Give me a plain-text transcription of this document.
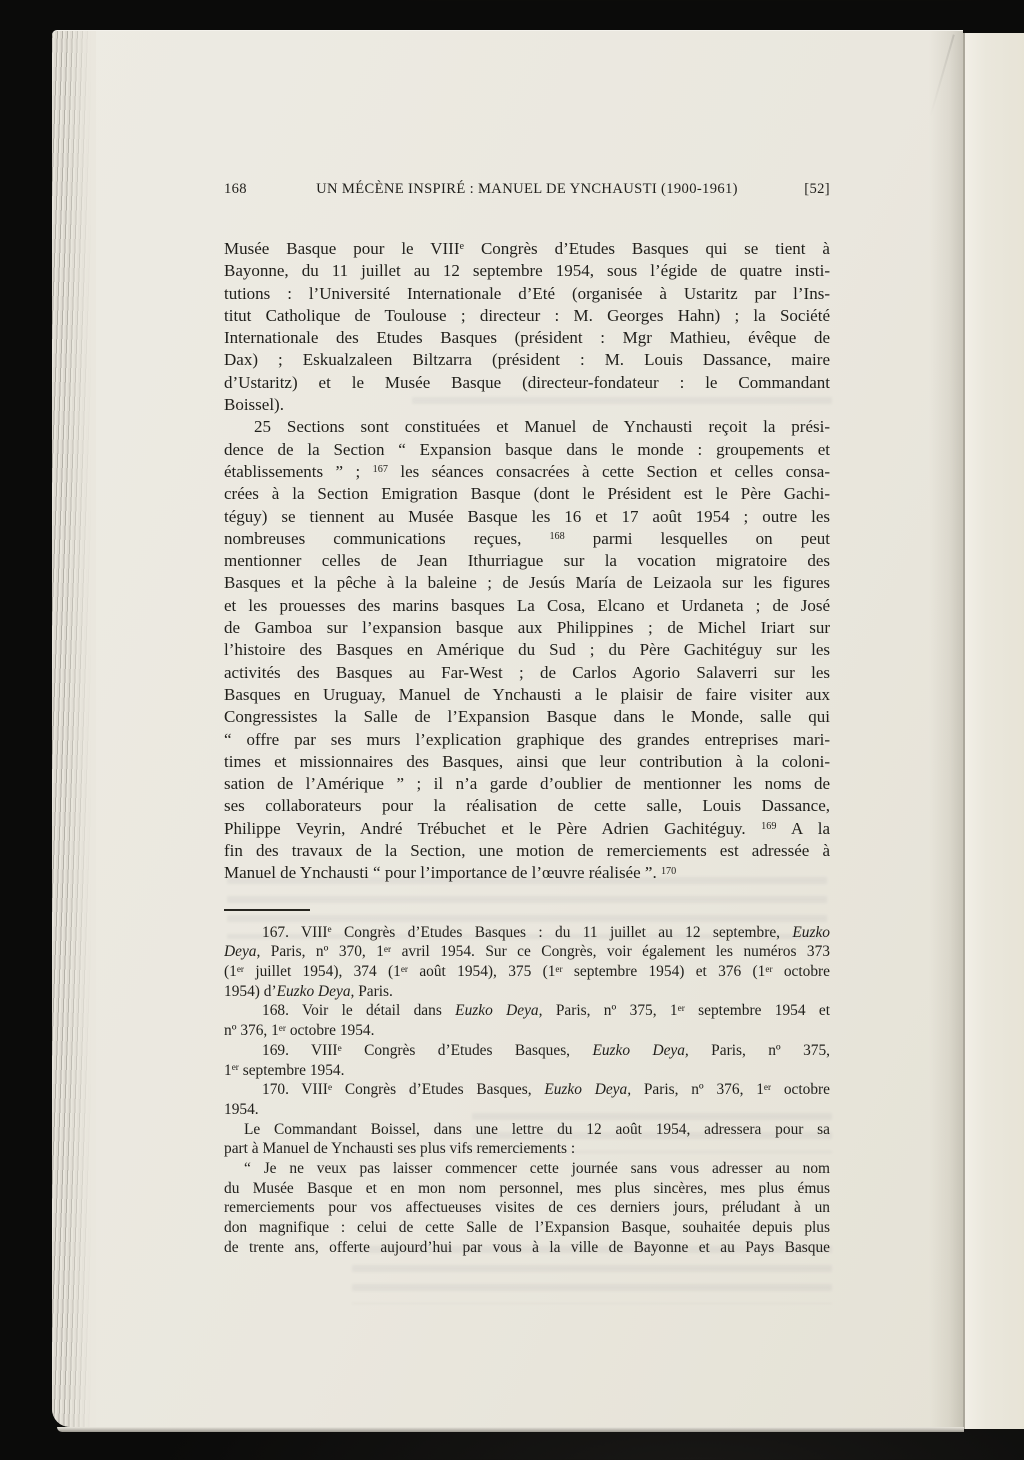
168	UN MÉCÈNE INSPIRÉ : MANUEL DE YNCHAUSTI (1900-1961)	[52]
Musée Basque pour le VIIIe Congrès d’Etudes Basques qui se tient à
Bayonne, du 11 juillet au 12 septembre 1954, sous l’égide de quatre insti-
tutions : l’Université Internationale d’Eté (organisée à Ustaritz par l’Ins-
titut Catholique de Toulouse ; directeur : M. Georges Hahn) ; la Société
Internationale des Etudes Basques (président : Mgr Mathieu, évêque de
Dax) ; Eskualzaleen Biltzarra (président : M. Louis Dassance, maire
d’Ustaritz) et le Musée Basque (directeur-fondateur : le Commandant
Boissel).
25 Sections sont constituées et Manuel de Ynchausti reçoit la prési-
dence de la Section “ Expansion basque dans le monde : groupements et
établissements ” ; $^{167}$ les séances consacrées à cette Section et celles consa-
crées à la Section Emigration Basque (dont le Président est le Père Gachi-
téguy) se tiennent au Musée Basque les 16 et 17 août 1954 ; outre les
nombreuses communications reçues, $^{168}$ parmi lesquelles on peut
mentionner celles de Jean Ithurriague sur la vocation migratoire des
Basques et la pêche à la baleine ; de Jesús María de Leizaola sur les figures
et les prouesses des marins basques La Cosa, Elcano et Urdaneta ; de José
de Gamboa sur l’expansion basque aux Philippines ; de Michel Iriart sur
l’histoire des Basques en Amérique du Sud ; du Père Gachitéguy sur les
activités des Basques au Far-West ; de Carlos Agorio Salaverri sur les
Basques en Uruguay, Manuel de Ynchausti a le plaisir de faire visiter aux
Congressistes la Salle de l’Expansion Basque dans le Monde, salle qui
“ offre par ses murs l’explication graphique des grandes entreprises mari-
times et missionnaires des Basques, ainsi que leur contribution à la coloni-
sation de l’Amérique ” ; il n’a garde d’oublier de mentionner les noms de
ses collaborateurs pour la réalisation de cette salle, Louis Dassance,
Philippe Veyrin, André Trébuchet et le Père Adrien Gachitéguy. $^{169}$ A la
fin des travaux de la Section, une motion de remerciements est adressée à
Manuel de Ynchausti “ pour l’importance de l’œuvre réalisée ”. $^{170}$
167. VIIIe Congrès d’Etudes Basques : du 11 juillet au 12 septembre, Euzko
Deya, Paris, nº 370, 1er avril 1954. Sur ce Congrès, voir également les numéros 373
(1er juillet 1954), 374 (1er août 1954), 375 (1er septembre 1954) et 376 (1er octobre
1954) d’Euzko Deya, Paris.
168. Voir le détail dans Euzko Deya, Paris, nº 375, 1er septembre 1954 et
nº 376, 1er octobre 1954.
169. VIIIe Congrès d’Etudes Basques, Euzko Deya, Paris, nº 375,
1er septembre 1954.
170. VIIIe Congrès d’Etudes Basques, Euzko Deya, Paris, nº 376, 1er octobre
1954.
Le Commandant Boissel, dans une lettre du 12 août 1954, adressera pour sa
part à Manuel de Ynchausti ses plus vifs remerciements :
“ Je ne veux pas laisser commencer cette journée sans vous adresser au nom
du Musée Basque et en mon nom personnel, mes plus sincères, mes plus émus
remerciements pour vos affectueuses visites de ces derniers jours, préludant à un
don magnifique : celui de cette Salle de l’Expansion Basque, souhaitée depuis plus
de trente ans, offerte aujourd’hui par vous à la ville de Bayonne et au Pays Basque
